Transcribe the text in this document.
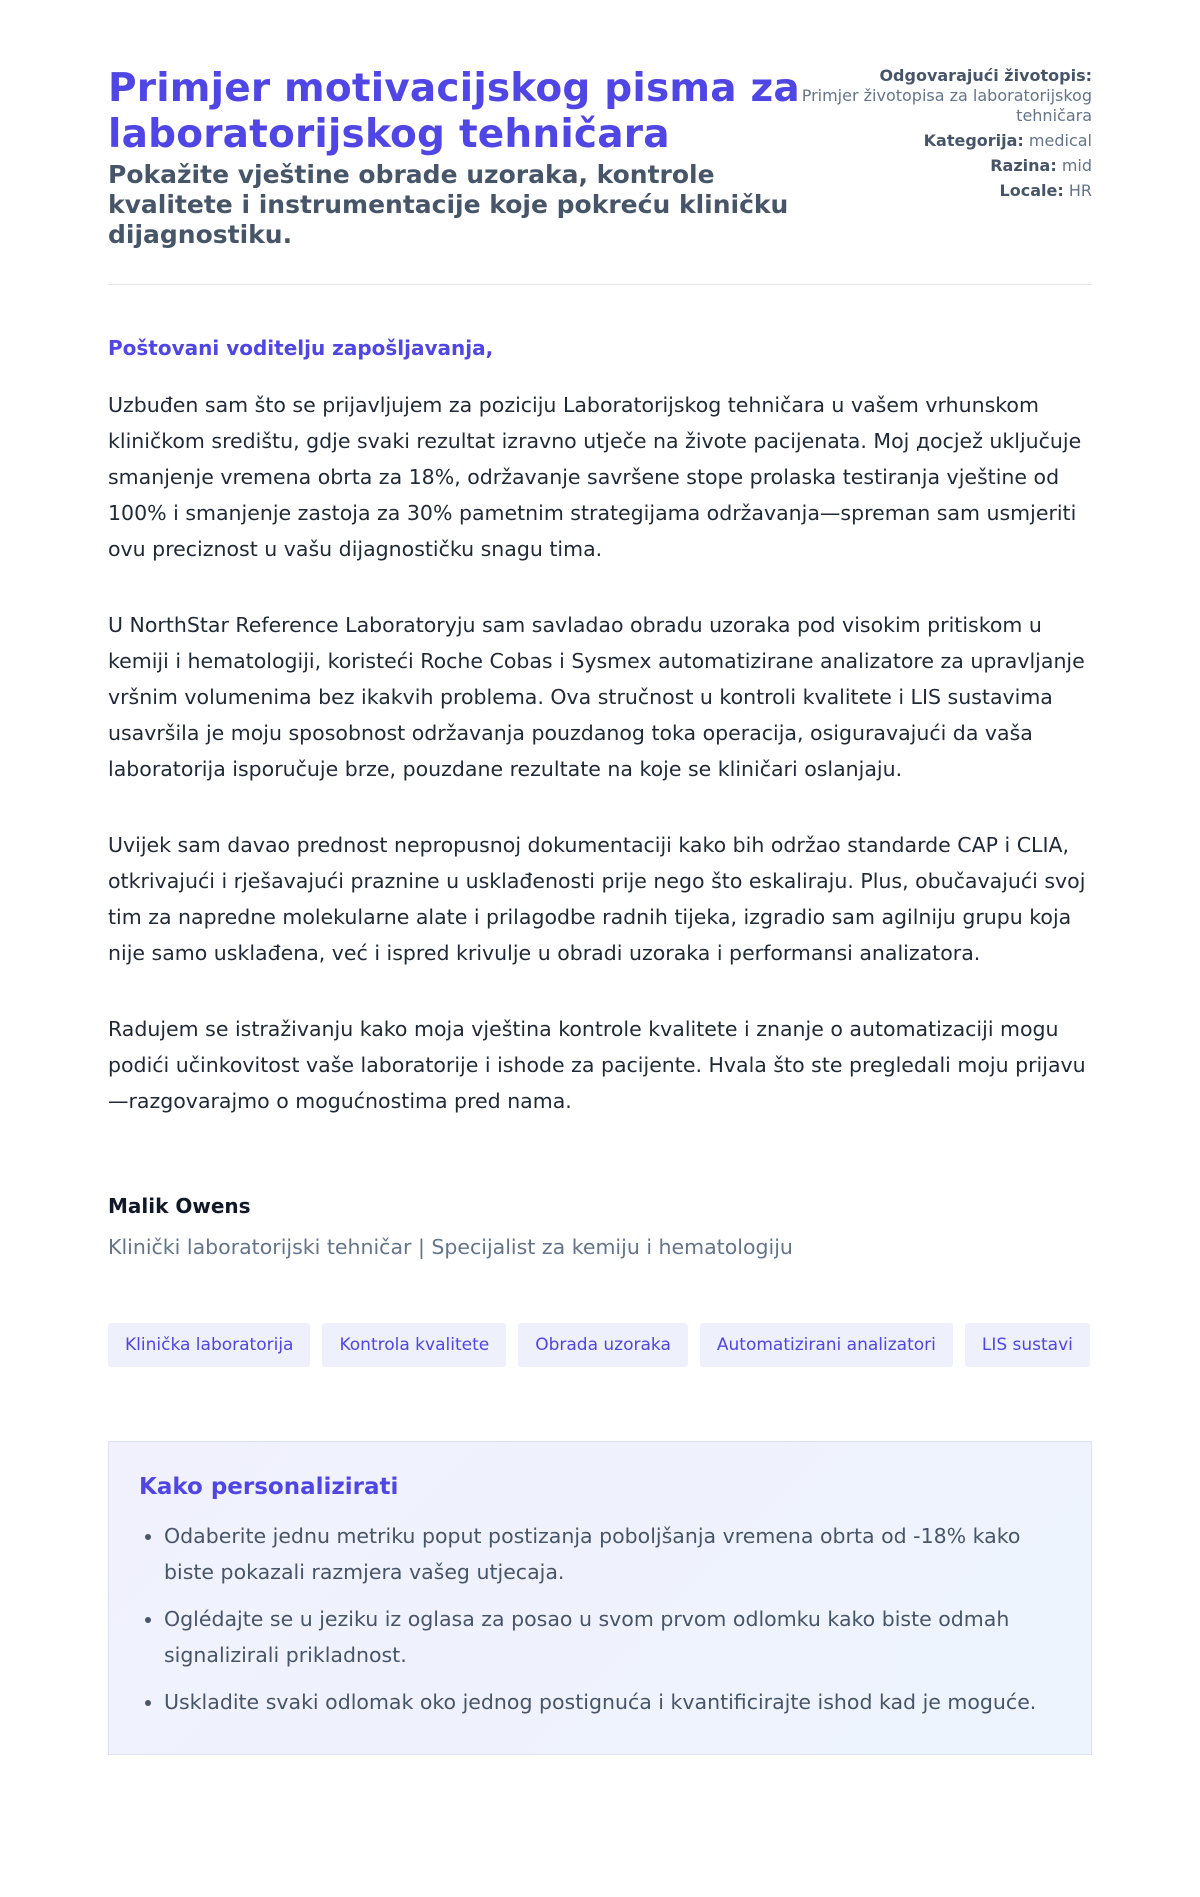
Primjer motivacijskog pisma za laboratorijskog tehničara
Pokažite vještine obrade uzoraka, kontrole kvalitete i instrumentacije koje pokreću kliničku dijagnostiku.
Odgovarajući životopis:
Primjer životopisa za laboratorijskog tehničara
Kategorija: medical
Razina: mid
Locale: HR

Poštovani voditelju zapošljavanja,

Uzbuđen sam što se prijavljujem za poziciju Laboratorijskog tehničara u vašem vrhunskom kliničkom središtu, gdje svaki rezultat izravno utječe na živote pacijenata. Moj досjež uključuje smanjenje vremena obrta za 18%, održavanje savršene stope prolaska testiranja vještine od 100% i smanjenje zastoja za 30% pametnim strategijama održavanja—spreman sam usmjeriti ovu preciznost u vašu dijagnostičku snagu tima.

U NorthStar Reference Laboratoryju sam savladao obradu uzoraka pod visokim pritiskom u kemiji i hematologiji, koristeći Roche Cobas i Sysmex automatizirane analizatore za upravljanje vršnim volumenima bez ikakvih problema. Ova stručnost u kontroli kvalitete i LIS sustavima usavršila je moju sposobnost održavanja pouzdanog toka operacija, osiguravajući da vaša laboratorija isporučuje brze, pouzdane rezultate na koje se kliničari oslanjaju.

Uvijek sam davao prednost nepropusnoj dokumentaciji kako bih održao standarde CAP i CLIA, otkrivajući i rješavajući praznine u usklađenosti prije nego što eskaliraju. Plus, obučavajući svoj tim za napredne molekularne alate i prilagodbe radnih tijeka, izgradio sam agilniju grupu koja nije samo usklađena, već i ispred krivulje u obradi uzoraka i performansi analizatora.

Radujem se istraživanju kako moja vještina kontrole kvalitete i znanje o automatizaciji mogu podići učinkovitost vaše laboratorije i ishode za pacijente. Hvala što ste pregledali moju prijavu—razgovarajmo o mogućnostima pred nama.

Malik Owens

Klinički laboratorijski tehničar | Specijalist za kemiju i hematologiju

Klinička laboratorija	Kontrola kvalitete	Obrada uzoraka	Automatizirani analizatori	LIS sustavi
Kako personalizirati
• Odaberite jednu metriku poput postizanja poboljšanja vremena obrta od -18% kako biste pokazali razmjera vašeg utjecaja.
• Oglédajte se u jeziku iz oglasa za posao u svom prvom odlomku kako biste odmah signalizirali prikladnost.
• Uskladite svaki odlomak oko jednog postignuća i kvantificirajte ishod kad je moguće.
